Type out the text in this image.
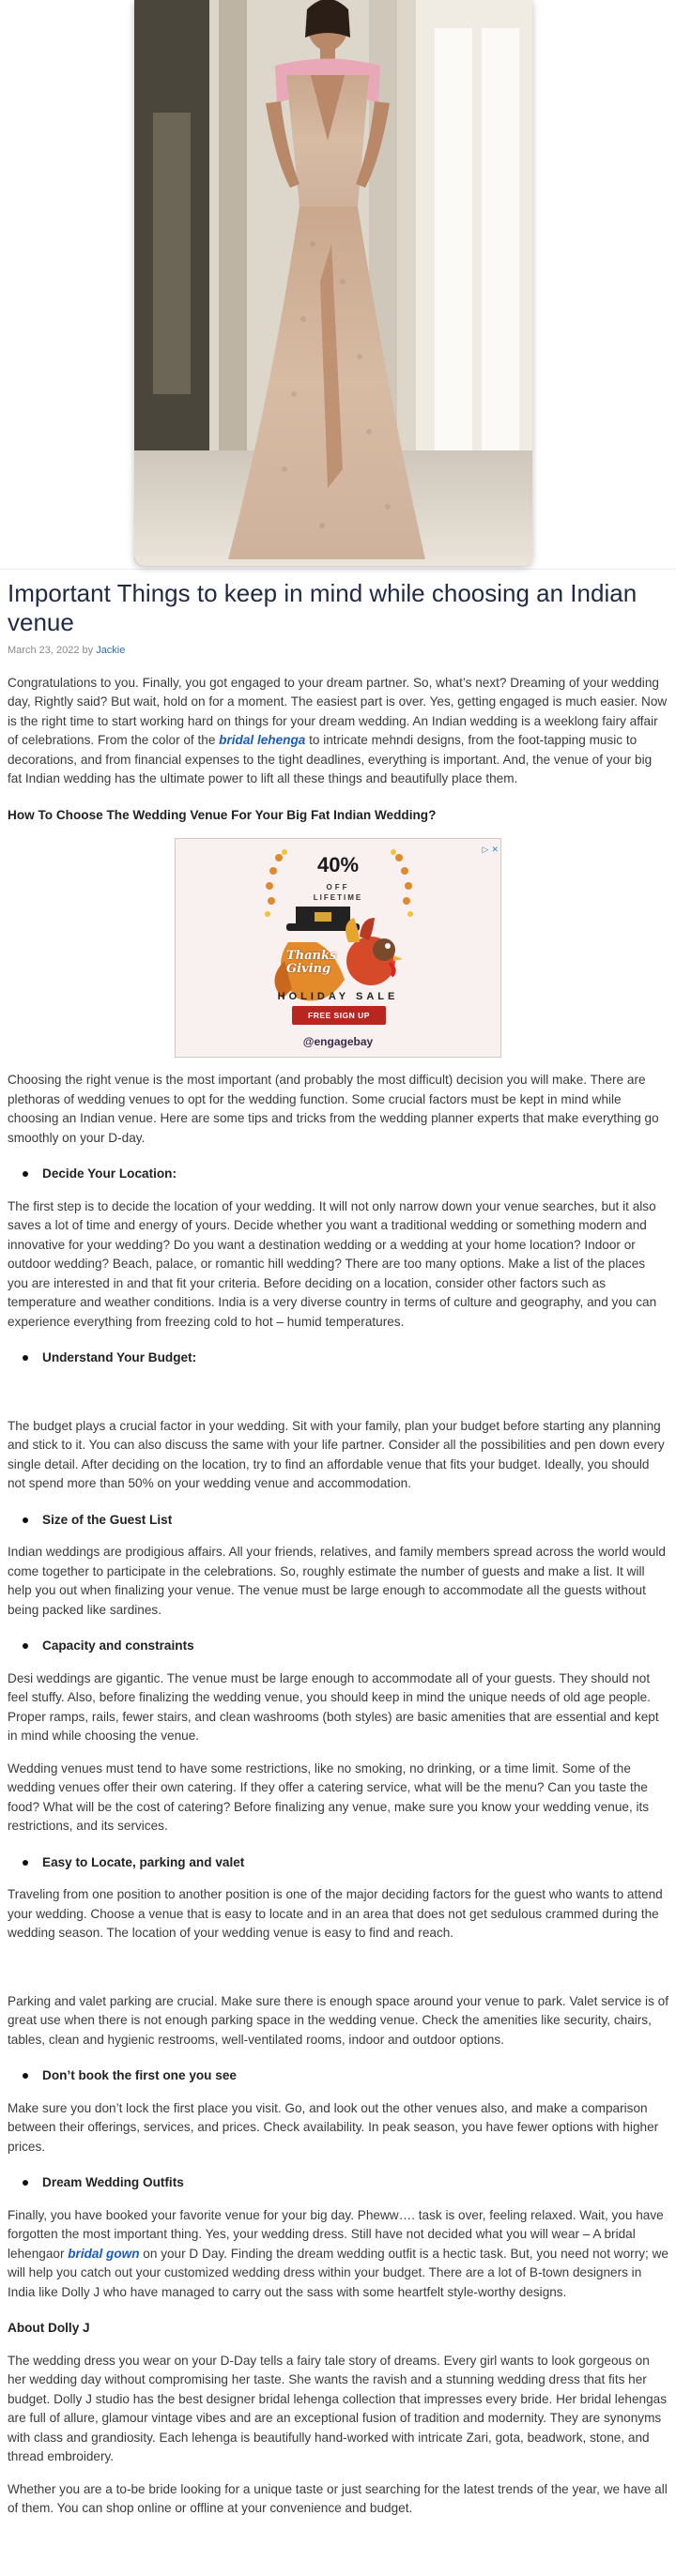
Important Things to keep in mind while choosing an Indian venue
March 23, 2022 by Jackie

Congratulations to you. Finally, you got engaged to your dream partner. So, what’s next? Dreaming of your wedding day, Rightly said? But wait, hold on for a moment. The easiest part is over. Yes, getting engaged is much easier. Now is the right time to start working hard on things for your dream wedding. An Indian wedding is a weeklong fairy affair of celebrations. From the color of the bridal lehenga to intricate mehndi designs, from the foot-tapping music to decorations, and from financial expenses to the tight deadlines, everything is important. And, the venue of your big fat Indian wedding has the ultimate power to lift all these things and beautifully place them.

How To Choose The Wedding Venue For Your Big Fat Indian Wedding?
▷ ✕
40%
OFF
LIFETIME
Thanks
Giving
HOLIDAY SALE
FREE SIGN UP
@engagebay

Choosing the right venue is the most important (and probably the most difficult) decision you will make. There are plethoras of wedding venues to opt for the wedding function. Some crucial factors must be kept in mind while choosing an Indian venue. Here are some tips and tricks from the wedding planner experts that make everything go smoothly on your D-day.

Decide Your Location:

The first step is to decide the location of your wedding. It will not only narrow down your venue searches, but it also saves a lot of time and energy of yours. Decide whether you want a traditional wedding or something modern and innovative for your wedding? Do you want a destination wedding or a wedding at your home location? Indoor or outdoor wedding? Beach, palace, or romantic hill wedding? There are too many options. Make a list of the places you are interested in and that fit your criteria. Before deciding on a location, consider other factors such as temperature and weather conditions. India is a very diverse country in terms of culture and geography, and you can experience everything from freezing cold to hot – humid temperatures.

Understand Your Budget:

The budget plays a crucial factor in your wedding. Sit with your family, plan your budget before starting any planning and stick to it. You can also discuss the same with your life partner. Consider all the possibilities and pen down every single detail. After deciding on the location, try to find an affordable venue that fits your budget. Ideally, you should not spend more than 50% on your wedding venue and accommodation.

Size of the Guest List

Indian weddings are prodigious affairs. All your friends, relatives, and family members spread across the world would come together to participate in the celebrations. So, roughly estimate the number of guests and make a list. It will help you out when finalizing your venue. The venue must be large enough to accommodate all the guests without being packed like sardines.

Capacity and constraints

Desi weddings are gigantic. The venue must be large enough to accommodate all of your guests. They should not feel stuffy. Also, before finalizing the wedding venue, you should keep in mind the unique needs of old age people. Proper ramps, rails, fewer stairs, and clean washrooms (both styles) are basic amenities that are essential and kept in mind while choosing the venue.

Wedding venues must tend to have some restrictions, like no smoking, no drinking, or a time limit. Some of the wedding venues offer their own catering. If they offer a catering service, what will be the menu? Can you taste the food? What will be the cost of catering? Before finalizing any venue, make sure you know your wedding venue, its restrictions, and its services.

Easy to Locate, parking and valet

Traveling from one position to another position is one of the major deciding factors for the guest who wants to attend your wedding. Choose a venue that is easy to locate and in an area that does not get sedulous crammed during the wedding season. The location of your wedding venue is easy to find and reach.

Parking and valet parking are crucial. Make sure there is enough space around your venue to park. Valet service is of great use when there is not enough parking space in the wedding venue. Check the amenities like security, chairs, tables, clean and hygienic restrooms, well-ventilated rooms, indoor and outdoor options.

Don’t book the first one you see

Make sure you don’t lock the first place you visit. Go, and look out the other venues also, and make a comparison between their offerings, services, and prices. Check availability. In peak season, you have fewer options with higher prices.

Dream Wedding Outfits

Finally, you have booked your favorite venue for your big day. Pheww…. task is over, feeling relaxed. Wait, you have forgotten the most important thing. Yes, your wedding dress. Still have not decided what you will wear – A bridal lehengaor bridal gown on your D Day. Finding the dream wedding outfit is a hectic task. But, you need not worry; we will help you catch out your customized wedding dress within your budget. There are a lot of B-town designers in India like Dolly J who have managed to carry out the sass with some heartfelt style-worthy designs.

About Dolly J

The wedding dress you wear on your D-Day tells a fairy tale story of dreams. Every girl wants to look gorgeous on her wedding day without compromising her taste. She wants the ravish and a stunning wedding dress that fits her budget. Dolly J studio has the best designer bridal lehenga collection that impresses every bride. Her bridal lehengas are full of allure, glamour vintage vibes and are an exceptional fusion of tradition and modernity. They are synonyms with class and grandiosity. Each lehenga is beautifully hand-worked with intricate Zari, gota, beadwork, stone, and thread embroidery.

Whether you are a to-be bride looking for a unique taste or just searching for the latest trends of the year, we have all of them. You can shop online or offline at your convenience and budget.
